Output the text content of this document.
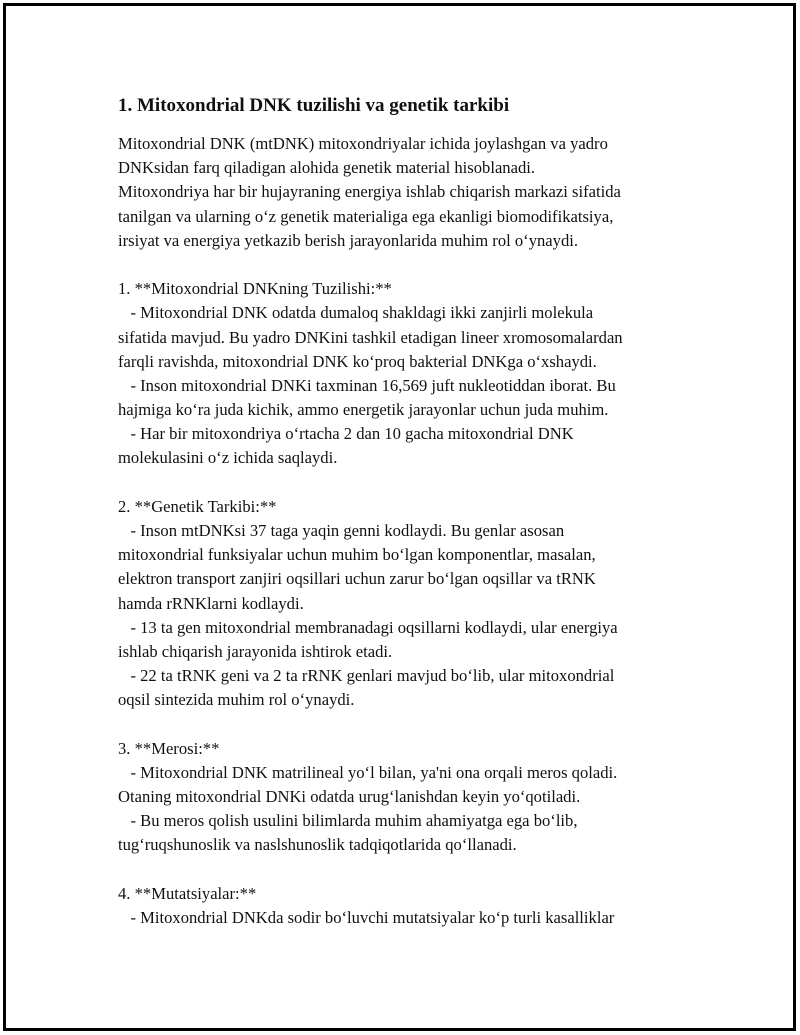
1. Mitoxondrial DNK tuzilishi va genetik tarkibi
Mitoxondrial DNK (mtDNK) mitoxondriyalar ichida joylashgan va yadro
DNKsidan farq qiladigan alohida genetik material hisoblanadi.
Mitoxondriya har bir hujayraning energiya ishlab chiqarish markazi sifatida
tanilgan va ularning o‘z genetik materialiga ega ekanligi biomodifikatsiya,
irsiyat va energiya yetkazib berish jarayonlarida muhim rol o‘ynaydi.
1. **Mitoxondrial DNKning Tuzilishi:**
- Mitoxondrial DNK odatda dumaloq shakldagi ikki zanjirli molekula
sifatida mavjud. Bu yadro DNKini tashkil etadigan lineer xromosomalardan
farqli ravishda, mitoxondrial DNK ko‘proq bakterial DNKga o‘xshaydi.
- Inson mitoxondrial DNKi taxminan 16,569 juft nukleotiddan iborat. Bu
hajmiga ko‘ra juda kichik, ammo energetik jarayonlar uchun juda muhim.
- Har bir mitoxondriya o‘rtacha 2 dan 10 gacha mitoxondrial DNK
molekulasini o‘z ichida saqlaydi.
2. **Genetik Tarkibi:**
- Inson mtDNKsi 37 taga yaqin genni kodlaydi. Bu genlar asosan
mitoxondrial funksiyalar uchun muhim bo‘lgan komponentlar, masalan,
elektron transport zanjiri oqsillari uchun zarur bo‘lgan oqsillar va tRNK
hamda rRNKlarni kodlaydi.
- 13 ta gen mitoxondrial membranadagi oqsillarni kodlaydi, ular energiya
ishlab chiqarish jarayonida ishtirok etadi.
- 22 ta tRNK geni va 2 ta rRNK genlari mavjud bo‘lib, ular mitoxondrial
oqsil sintezida muhim rol o‘ynaydi.
3. **Merosi:**
- Mitoxondrial DNK matrilineal yo‘l bilan, ya'ni ona orqali meros qoladi.
Otaning mitoxondrial DNKi odatda urug‘lanishdan keyin yo‘qotiladi.
- Bu meros qolish usulini bilimlarda muhim ahamiyatga ega bo‘lib,
tug‘ruqshunoslik va naslshunoslik tadqiqotlarida qo‘llanadi.
4. **Mutatsiyalar:**
- Mitoxondrial DNKda sodir bo‘luvchi mutatsiyalar ko‘p turli kasalliklar
